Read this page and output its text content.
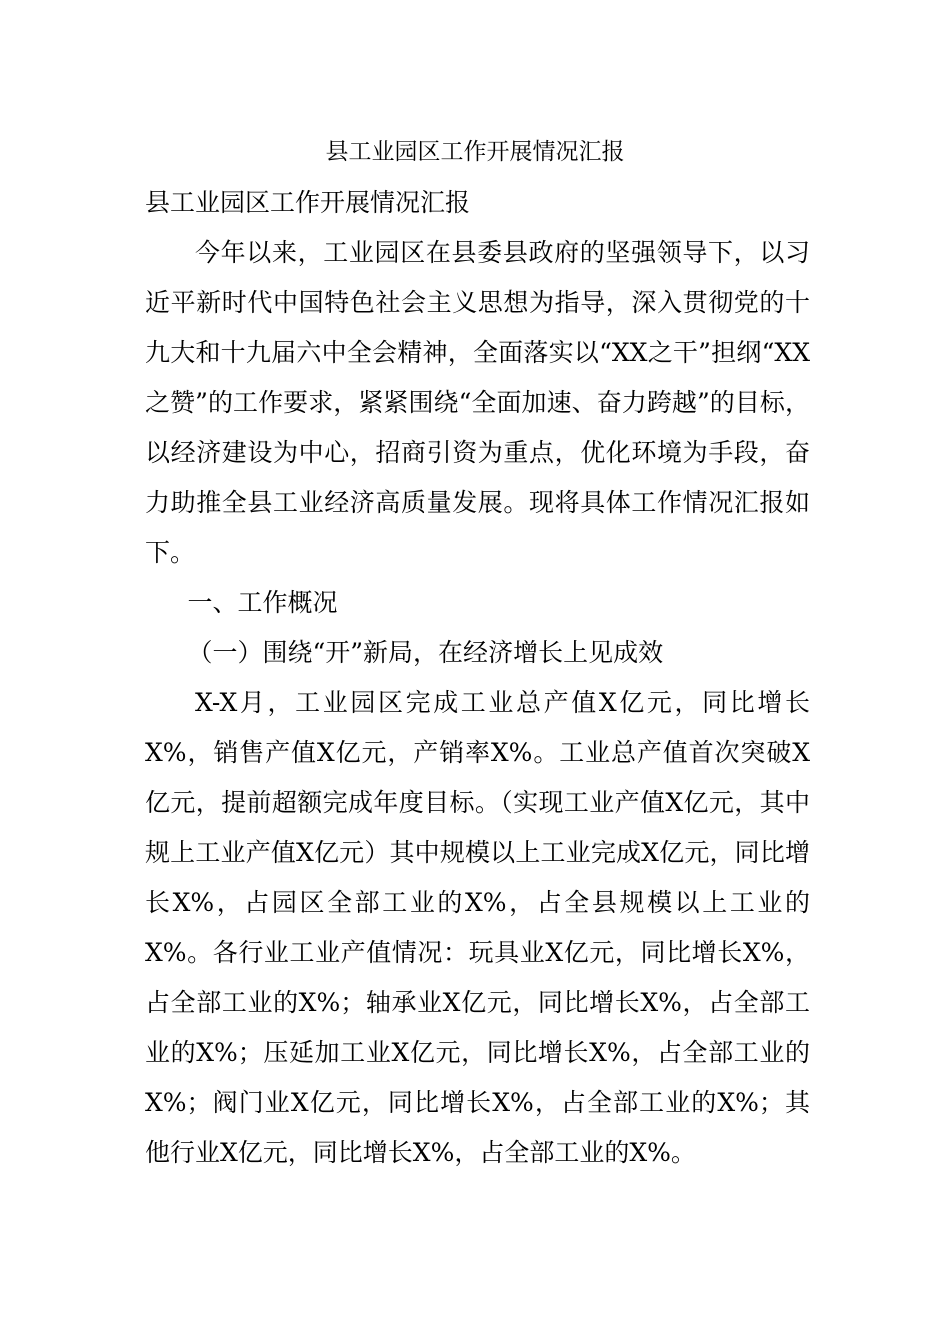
县工业园区工作开展情况汇报
县工业园区工作开展情况汇报

今年以来，工业园区在县委县政府的坚强领导下，以习近平新时代中国特色社会主义思想为指导，深入贯彻党的十九大和十九届六中全会精神，全面落实以“XX之干”担纲“XX之赞”的工作要求，紧紧围绕“全面加速、奋力跨越”的目标，以经济建设为中心，招商引资为重点，优化环境为手段，奋力助推全县工业经济高质量发展。现将具体工作情况汇报如下。

一、工作概况

（一）围绕“开”新局，在经济增长上见成效

X-X月，工业园区完成工业总产值X亿元，同比增长X%，销售产值X亿元，产销率X%。工业总产值首次突破X亿元，提前超额完成年度目标。（实现工业产值X亿元，其中规上工业产值X亿元）其中规模以上工业完成X亿元，同比增长X%，占园区全部工业的X%，占全县规模以上工业的X%。各行业工业产值情况：玩具业X亿元，同比增长X%，占全部工业的X%；轴承业X亿元，同比增长X%，占全部工业的X%；压延加工业X亿元，同比增长X%，占全部工业的X%；阀门业X亿元，同比增长X%，占全部工业的X%；其他行业X亿元，同比增长X%，占全部工业的X%。
